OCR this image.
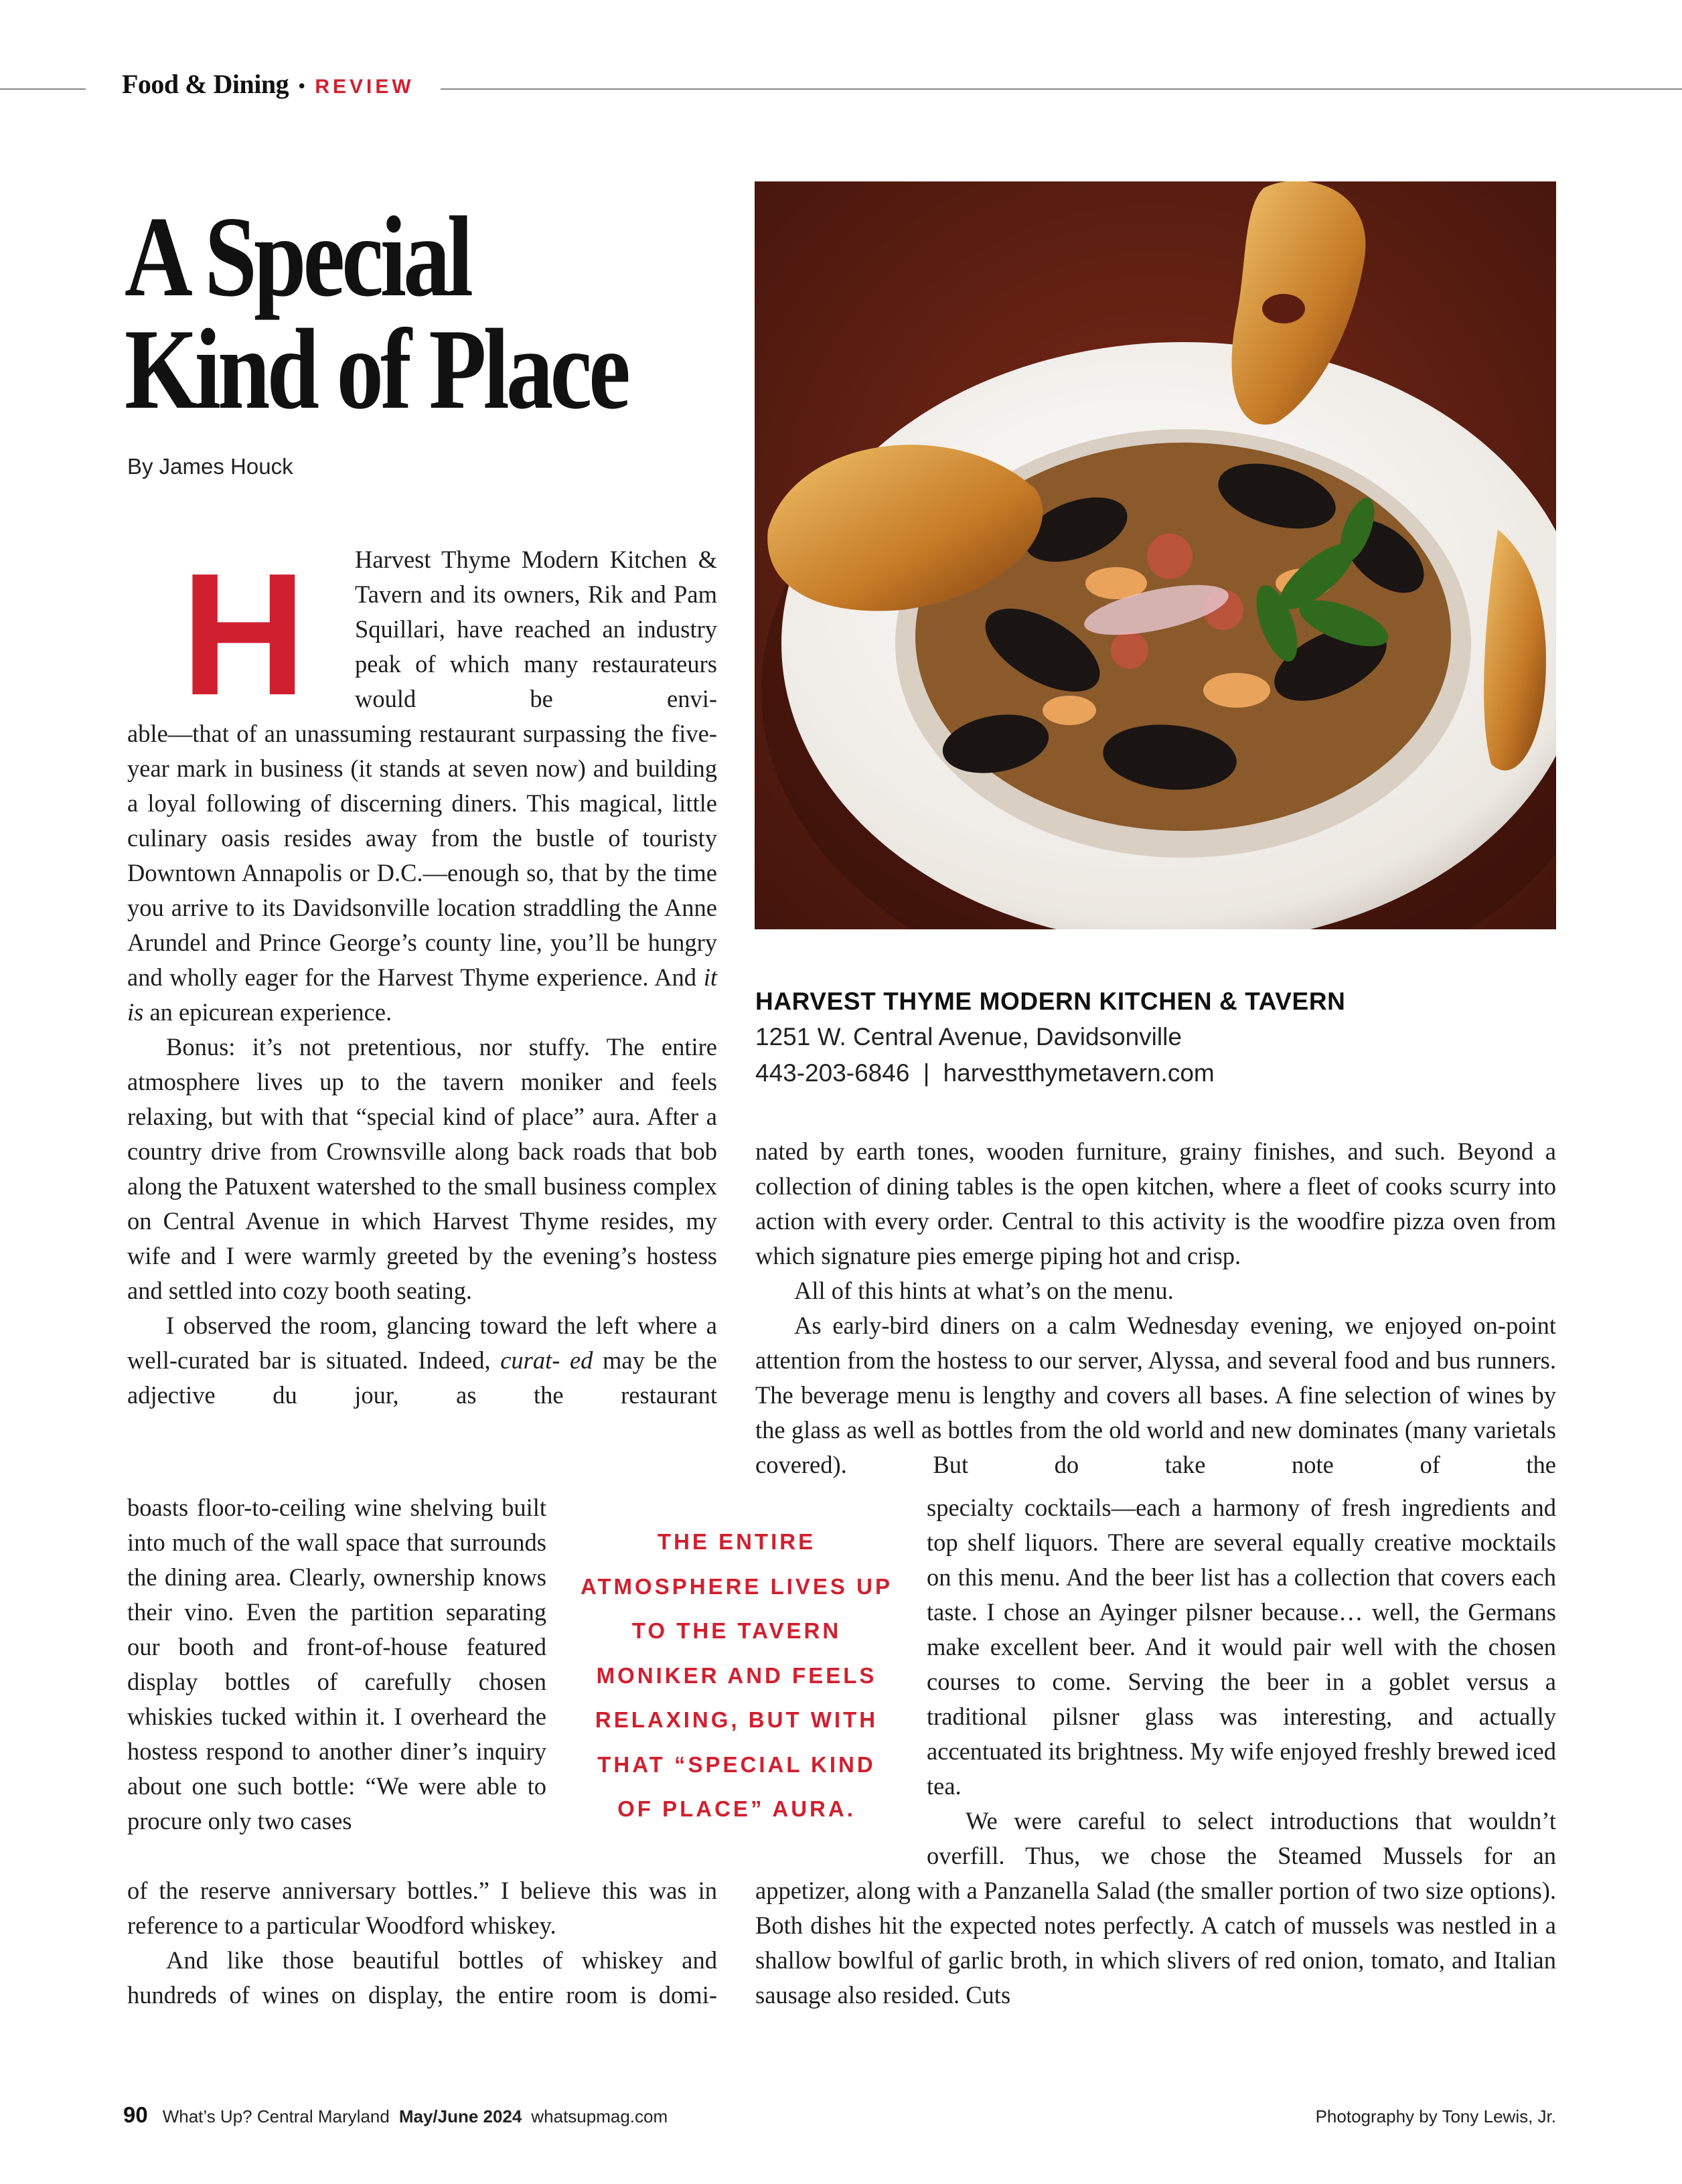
Food & Dining • REVIEW
A Special
Kind of Place
By James Houck
HARVEST THYME MODERN KITCHEN & TAVERN
1251 W. Central Avenue, Davidsonville
443-203-6846 | harvestthymetavern.com
H Harvest Thyme Modern Kitchen & Tavern and its owners, Rik and Pam Squillari, have reached an industry peak of which many restaurateurs would be envi-

able—that of an unassuming restaurant surpassing the five-year mark in business (it stands at seven now) and building a loyal following of discerning diners. This magical, little culinary oasis resides away from the bustle of touristy Downtown Annapolis or D.C.—enough so, that by the time you arrive to its Davidsonville location straddling the Anne Arundel and Prince George’s county line, you’ll be hungry and wholly eager for the Harvest Thyme experience. And it is an epicurean experience.

Bonus: it’s not pretentious, nor stuffy. The entire atmosphere lives up to the tavern moniker and feels relaxing, but with that “special kind of place” aura. After a country drive from Crownsville along back roads that bob along the Patuxent watershed to the small business complex on Central Avenue in which Harvest Thyme resides, my wife and I were warmly greeted by the evening’s hostess and settled into cozy booth seating.

I observed the room, glancing toward the left where a well-curated bar is situated. Indeed, curat- ed may be the adjective du jour, as the restaurant

boasts floor-to-ceiling wine shelving built into much of the wall space that surrounds the dining area. Clearly, ownership knows their vino. Even the partition separating our booth and front-of-house featured display bottles of carefully chosen whiskies tucked within it. I overheard the hostess respond to another diner’s inquiry about one such bottle: “We were able to procure only two cases

of the reserve anniversary bottles.” I believe this was in reference to a particular Woodford whiskey.

And like those beautiful bottles of whiskey and hundreds of wines on display, the entire room is domi-

THE ENTIRE ATMOSPHERE LIVES UP TO THE TAVERN MONIKER AND FEELS RELAXING, BUT WITH THAT “SPECIAL KIND OF PLACE” AURA.

nated by earth tones, wooden furniture, grainy finishes, and such. Beyond a collection of dining tables is the open kitchen, where a fleet of cooks scurry into action with every order. Central to this activity is the woodfire pizza oven from which signature pies emerge piping hot and crisp.

All of this hints at what’s on the menu.

As early-bird diners on a calm Wednesday evening, we enjoyed on-point attention from the hostess to our server, Alyssa, and several food and bus runners. The beverage menu is lengthy and covers all bases. A fine selection of wines by the glass as well as bottles from the old world and new dominates (many varietals covered). But do take note of the

specialty cocktails—each a harmony of fresh ingredients and top shelf liquors. There are several equally creative mocktails on this menu. And the beer list has a collection that covers each taste. I chose an Ayinger pilsner because… well, the Germans make excellent beer. And it would pair well with the chosen courses to come. Serving the beer in a goblet versus a traditional pilsner glass was interesting, and actually accentuated its brightness. My wife enjoyed freshly brewed iced tea.

We were careful to select introductions that wouldn’t overfill. Thus, we chose the Steamed Mussels for an

appetizer, along with a Panzanella Salad (the smaller portion of two size options). Both dishes hit the expected notes perfectly. A catch of mussels was nestled in a shallow bowlful of garlic broth, in which slivers of red onion, tomato, and Italian sausage also resided. Cuts

90 What’s Up? Central Maryland May/June 2024 whatsupmag.com	Photography by Tony Lewis, Jr.
